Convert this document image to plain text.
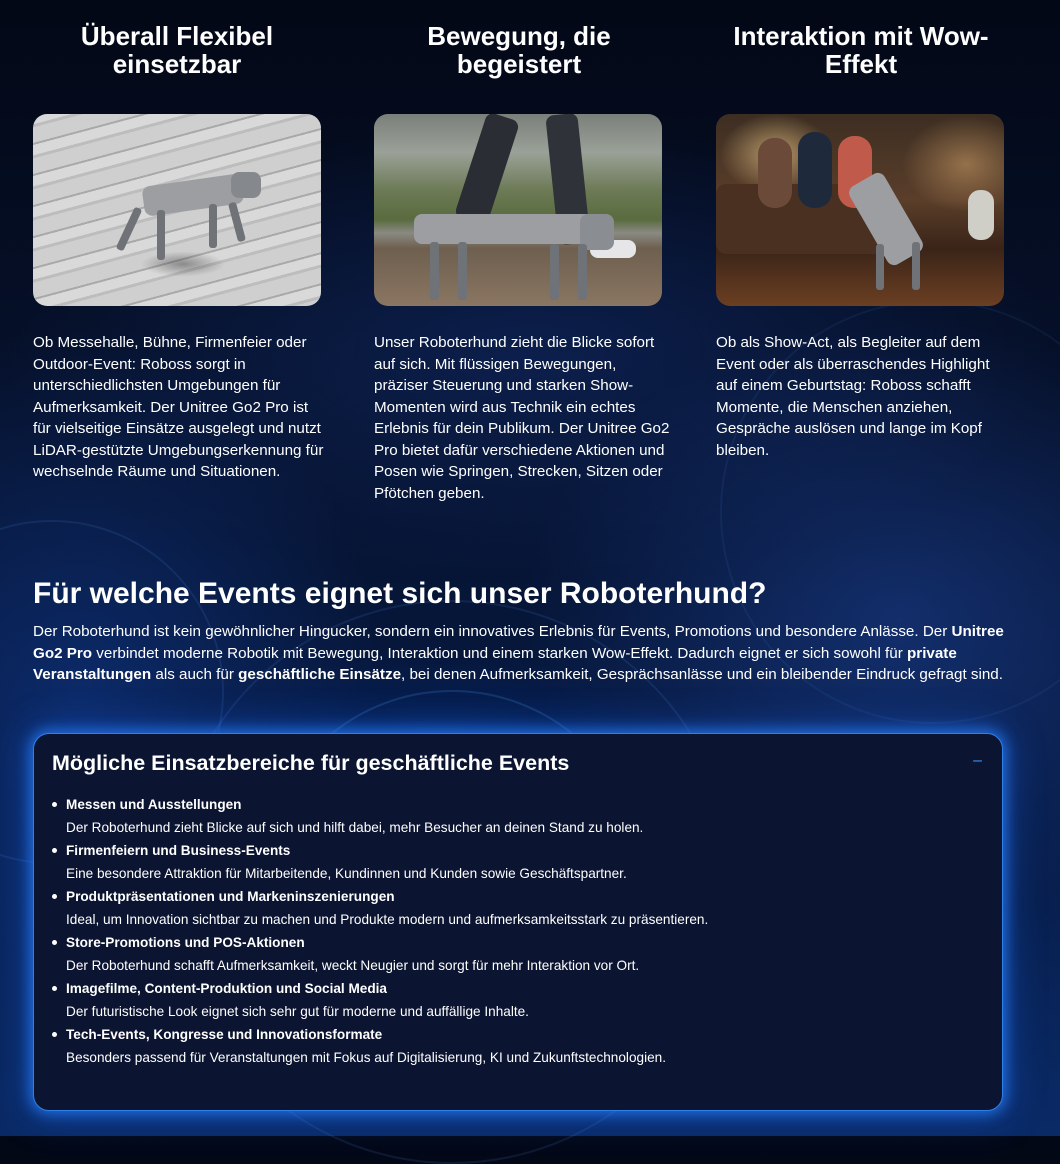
Überall Flexibel einsetzbar

Ob Messehalle, Bühne, Firmenfeier oder Outdoor-Event: Roboss sorgt in unterschiedlichsten Umgebungen für Aufmerksamkeit. Der Unitree Go2 Pro ist für vielseitige Einsätze ausgelegt und nutzt LiDAR-gestützte Umgebungserkennung für wechselnde Räume und Situationen.

Bewegung, die begeistert

Unser Roboterhund zieht die Blicke sofort auf sich. Mit flüssigen Bewegungen, präziser Steuerung und starken Show-Momenten wird aus Technik ein echtes Erlebnis für dein Publikum. Der Unitree Go2 Pro bietet dafür verschiedene Aktionen und Posen wie Springen, Strecken, Sitzen oder Pfötchen geben.

Interaktion mit Wow-Effekt

Ob als Show-Act, als Begleiter auf dem Event oder als überraschendes Highlight auf einem Geburtstag: Roboss schafft Momente, die Menschen anziehen, Gespräche auslösen und lange im Kopf bleiben.

Für welche Events eignet sich unser Roboterhund?

Der Roboterhund ist kein gewöhnlicher Hingucker, sondern ein innovatives Erlebnis für Events, Promotions und besondere Anlässe. Der Unitree Go2 Pro verbindet moderne Robotik mit Bewegung, Interaktion und einem starken Wow-Effekt. Dadurch eignet er sich sowohl für private Veranstaltungen als auch für geschäftliche Einsätze, bei denen Aufmerksamkeit, Gesprächsanlässe und ein bleibender Eindruck gefragt sind.

Mögliche Einsatzbereiche für geschäftliche Events	–
Messen und Ausstellungen
Der Roboterhund zieht Blicke auf sich und hilft dabei, mehr Besucher an deinen Stand zu holen.
Firmenfeiern und Business-Events
Eine besondere Attraktion für Mitarbeitende, Kundinnen und Kunden sowie Geschäftspartner.
Produktpräsentationen und Markeninszenierungen
Ideal, um Innovation sichtbar zu machen und Produkte modern und aufmerksamkeitsstark zu präsentieren.
Store-Promotions und POS-Aktionen
Der Roboterhund schafft Aufmerksamkeit, weckt Neugier und sorgt für mehr Interaktion vor Ort.
Imagefilme, Content-Produktion und Social Media
Der futuristische Look eignet sich sehr gut für moderne und auffällige Inhalte.
Tech-Events, Kongresse und Innovationsformate
Besonders passend für Veranstaltungen mit Fokus auf Digitalisierung, KI und Zukunftstechnologien.
